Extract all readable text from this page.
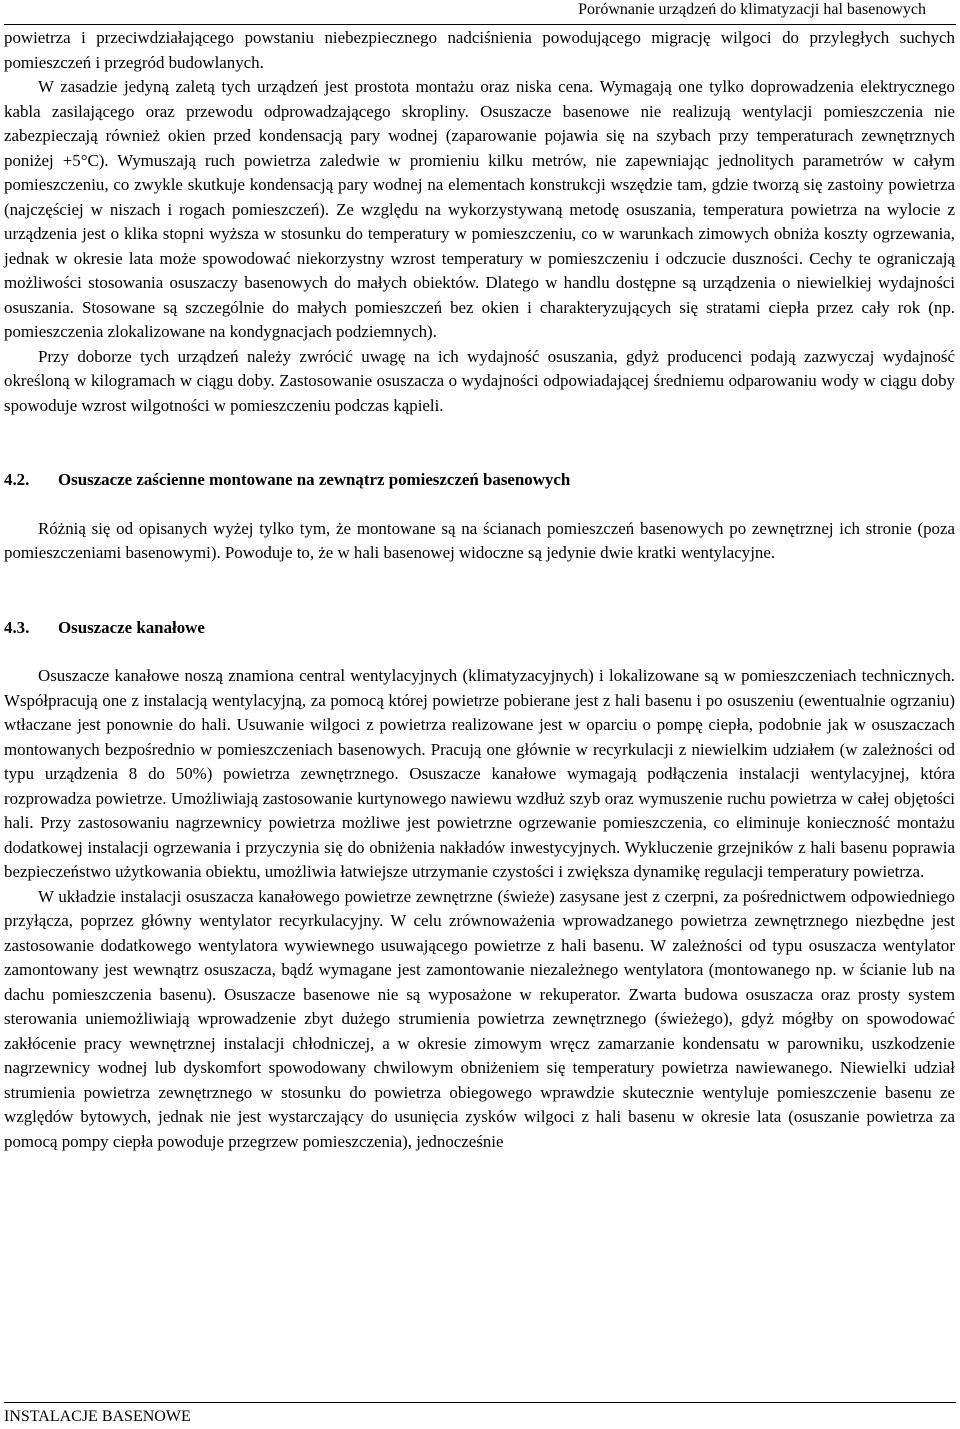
Porównanie urządzeń do klimatyzacji hal basenowych

powietrza i przeciwdziałającego powstaniu niebezpiecznego nadciśnienia powodującego migrację wilgoci do przyległych suchych pomieszczeń i przegród budowlanych.

W zasadzie jedyną zaletą tych urządzeń jest prostota montażu oraz niska cena. Wymagają one tylko doprowadzenia elektrycznego kabla zasilającego oraz przewodu odprowadzającego skropliny. Osuszacze basenowe nie realizują wentylacji pomieszczenia nie zabezpieczają również okien przed kondensacją pary wodnej (zaparowanie pojawia się na szybach przy temperaturach zewnętrznych poniżej +5°C). Wymuszają ruch powietrza zaledwie w promieniu kilku metrów, nie zapewniając jednolitych parametrów w całym pomieszczeniu, co zwykle skutkuje kondensacją pary wodnej na elementach konstrukcji wszędzie tam, gdzie tworzą się zastoiny powietrza (najczęściej w niszach i rogach pomieszczeń). Ze względu na wykorzystywaną metodę osuszania, temperatura powietrza na wylocie z urządzenia jest o klika stopni wyższa w stosunku do temperatury w pomieszczeniu, co w warunkach zimowych obniża koszty ogrzewania, jednak w okresie lata może spowodować niekorzystny wzrost temperatury w pomieszczeniu i odczucie duszności. Cechy te ograniczają możliwości stosowania osuszaczy basenowych do małych obiektów. Dlatego w handlu dostępne są urządzenia o niewielkiej wydajności osuszania. Stosowane są szczególnie do małych pomieszczeń bez okien i charakteryzujących się stratami ciepła przez cały rok (np. pomieszczenia zlokalizowane na kondygnacjach podziemnych).

Przy doborze tych urządzeń należy zwrócić uwagę na ich wydajność osuszania, gdyż producenci podają zazwyczaj wydajność określoną w kilogramach w ciągu doby. Zastosowanie osuszacza o wydajności odpowiadającej średniemu odparowaniu wody w ciągu doby spowoduje wzrost wilgotności w pomieszczeniu podczas kąpieli.

4.2. Osuszacze zaścienne montowane na zewnątrz pomieszczeń basenowych

Różnią się od opisanych wyżej tylko tym, że montowane są na ścianach pomieszczeń basenowych po zewnętrznej ich stronie (poza pomieszczeniami basenowymi). Powoduje to, że w hali basenowej widoczne są jedynie dwie kratki wentylacyjne.

4.3. Osuszacze kanałowe

Osuszacze kanałowe noszą znamiona central wentylacyjnych (klimatyzacyjnych) i lokalizowane są w pomieszczeniach technicznych. Współpracują one z instalacją wentylacyjną, za pomocą której powietrze pobierane jest z hali basenu i po osuszeniu (ewentualnie ogrzaniu) wtłaczane jest ponownie do hali. Usuwanie wilgoci z powietrza realizowane jest w oparciu o pompę ciepła, podobnie jak w osuszaczach montowanych bezpośrednio w pomieszczeniach basenowych. Pracują one głównie w recyrkulacji z niewielkim udziałem (w zależności od typu urządzenia 8 do 50%) powietrza zewnętrznego. Osuszacze kanałowe wymagają podłączenia instalacji wentylacyjnej, która rozprowadza powietrze. Umożliwiają zastosowanie kurtynowego nawiewu wzdłuż szyb oraz wymuszenie ruchu powietrza w całej objętości hali. Przy zastosowaniu nagrzewnicy powietrza możliwe jest powietrzne ogrzewanie pomieszczenia, co eliminuje konieczność montażu dodatkowej instalacji ogrzewania i przyczynia się do obniżenia nakładów inwestycyjnych. Wykluczenie grzejników z hali basenu poprawia bezpieczeństwo użytkowania obiektu, umożliwia łatwiejsze utrzymanie czystości i zwiększa dynamikę regulacji temperatury powietrza.

W układzie instalacji osuszacza kanałowego powietrze zewnętrzne (świeże) zasysane jest z czerpni, za pośrednictwem odpowiedniego przyłącza, poprzez główny wentylator recyrkulacyjny. W celu zrównoważenia wprowadzanego powietrza zewnętrznego niezbędne jest zastosowanie dodatkowego wentylatora wywiewnego usuwającego powietrze z hali basenu. W zależności od typu osuszacza wentylator zamontowany jest wewnątrz osuszacza, bądź wymagane jest zamontowanie niezależnego wentylatora (montowanego np. w ścianie lub na dachu pomieszczenia basenu). Osuszacze basenowe nie są wyposażone w rekuperator. Zwarta budowa osuszacza oraz prosty system sterowania uniemożliwiają wprowadzenie zbyt dużego strumienia powietrza zewnętrznego (świeżego), gdyż mógłby on spowodować zakłócenie pracy wewnętrznej instalacji chłodniczej, a w okresie zimowym wręcz zamarzanie kondensatu w parowniku, uszkodzenie nagrzewnicy wodnej lub dyskomfort spowodowany chwilowym obniżeniem się temperatury powietrza nawiewanego. Niewielki udział strumienia powietrza zewnętrznego w stosunku do powietrza obiegowego wprawdzie skutecznie wentyluje pomieszczenie basenu ze względów bytowych, jednak nie jest wystarczający do usunięcia zysków wilgoci z hali basenu w okresie lata (osuszanie powietrza za pomocą pompy ciepła powoduje przegrzew pomieszczenia), jednocześnie

INSTALACJE BASENOWE
